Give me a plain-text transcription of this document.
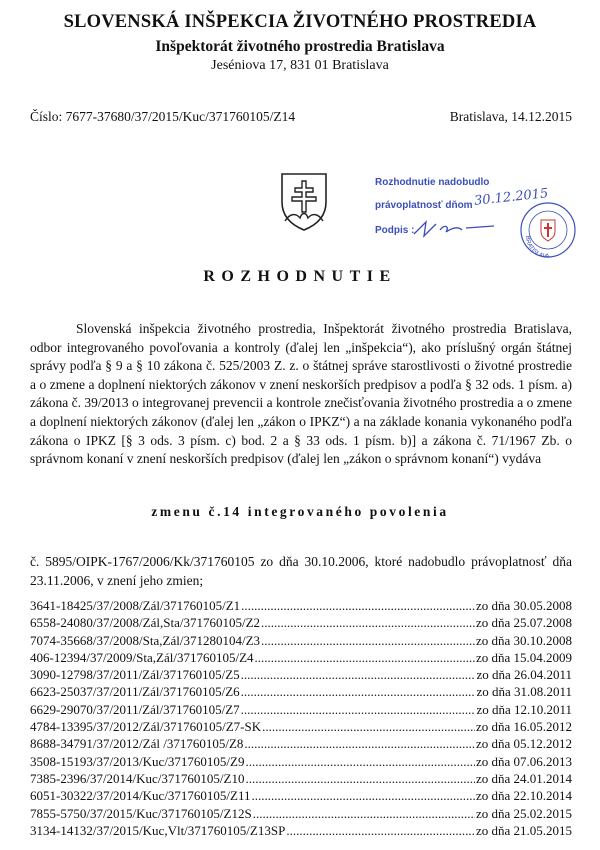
SLOVENSKÁ INŠPEKCIA ŽIVOTNÉHO PROSTREDIA
Inšpektorát životného prostredia Bratislava
Jeséniova 17, 831 01 Bratislava
Číslo: 7677-37680/37/2015/Kuc/371760105/Z14	Bratislava, 14.12.2015
Rozhodnutie nadobudlo
právoplatnosť dňom
Podpis :
30.12.2015
BRATISLAVA
ROZHODNUTIE
Slovenská inšpekcia životného prostredia, Inšpektorát životného prostredia Bratislava, odbor integrovaného povoľovania a kontroly (ďalej len „inšpekcia“), ako príslušný orgán štátnej správy podľa § 9 a § 10 zákona č. 525/2003 Z. z. o štátnej správe starostlivosti o životné prostredie a o zmene a doplnení niektorých zákonov v znení neskorších predpisov a podľa § 32 ods. 1 písm. a) zákona č. 39/2013 o integrovanej prevencii a kontrole znečisťovania životného prostredia a o zmene a doplnení niektorých zákonov (ďalej len „zákon o IPKZ“) a na základe konania vykonaného podľa zákona o IPKZ [§ 3 ods. 3 písm. c) bod. 2 a § 33 ods. 1 písm. b)] a zákona č. 71/1967 Zb. o správnom konaní v znení neskorších predpisov (ďalej len „zákon o správnom konaní“) vydáva
zmenu č.14 integrovaného povolenia
č. 5895/OIPK-1767/2006/Kk/371760105 zo dňa 30.10.2006, ktoré nadobudlo právoplatnosť dňa 23.11.2006, v znení jeho zmien;
3641-18425/37/2008/Zál/371760105/Z1 .....	zo dňa 30.05.2008
6558-24080/37/2008/Zál,Sta/371760105/Z2 .....	zo dňa 25.07.2008
7074-35668/37/2008/Sta,Zál/371280104/Z3 .....	zo dňa 30.10.2008
406-12394/37/2009/Sta,Zál/371760105/Z4 .....	zo dňa 15.04.2009
3090-12798/37/2011/Zál/371760105/Z5 .....	zo dňa 26.04.2011
6623-25037/37/2011/Zál/371760105/Z6 .....	zo dňa 31.08.2011
6629-29070/37/2011/Zál/371760105/Z7 .....	zo dňa 12.10.2011
4784-13395/37/2012/Zál/371760105/Z7-SK .....	zo dňa 16.05.2012
8688-34791/37/2012/Zál /371760105/Z8 .....	zo dňa 05.12.2012
3508-15193/37/2013/Kuc/371760105/Z9 .....	zo dňa 07.06.2013
7385-2396/37/2014/Kuc/371760105/Z10 .....	zo dňa 24.01.2014
6051-30322/37/2014/Kuc/371760105/Z11 .....	zo dňa 22.10.2014
7855-5750/37/2015/Kuc/371760105/Z12S .....	zo dňa 25.02.2015
3134-14132/37/2015/Kuc,Vlt/371760105/Z13SP .....	zo dňa 21.05.2015
